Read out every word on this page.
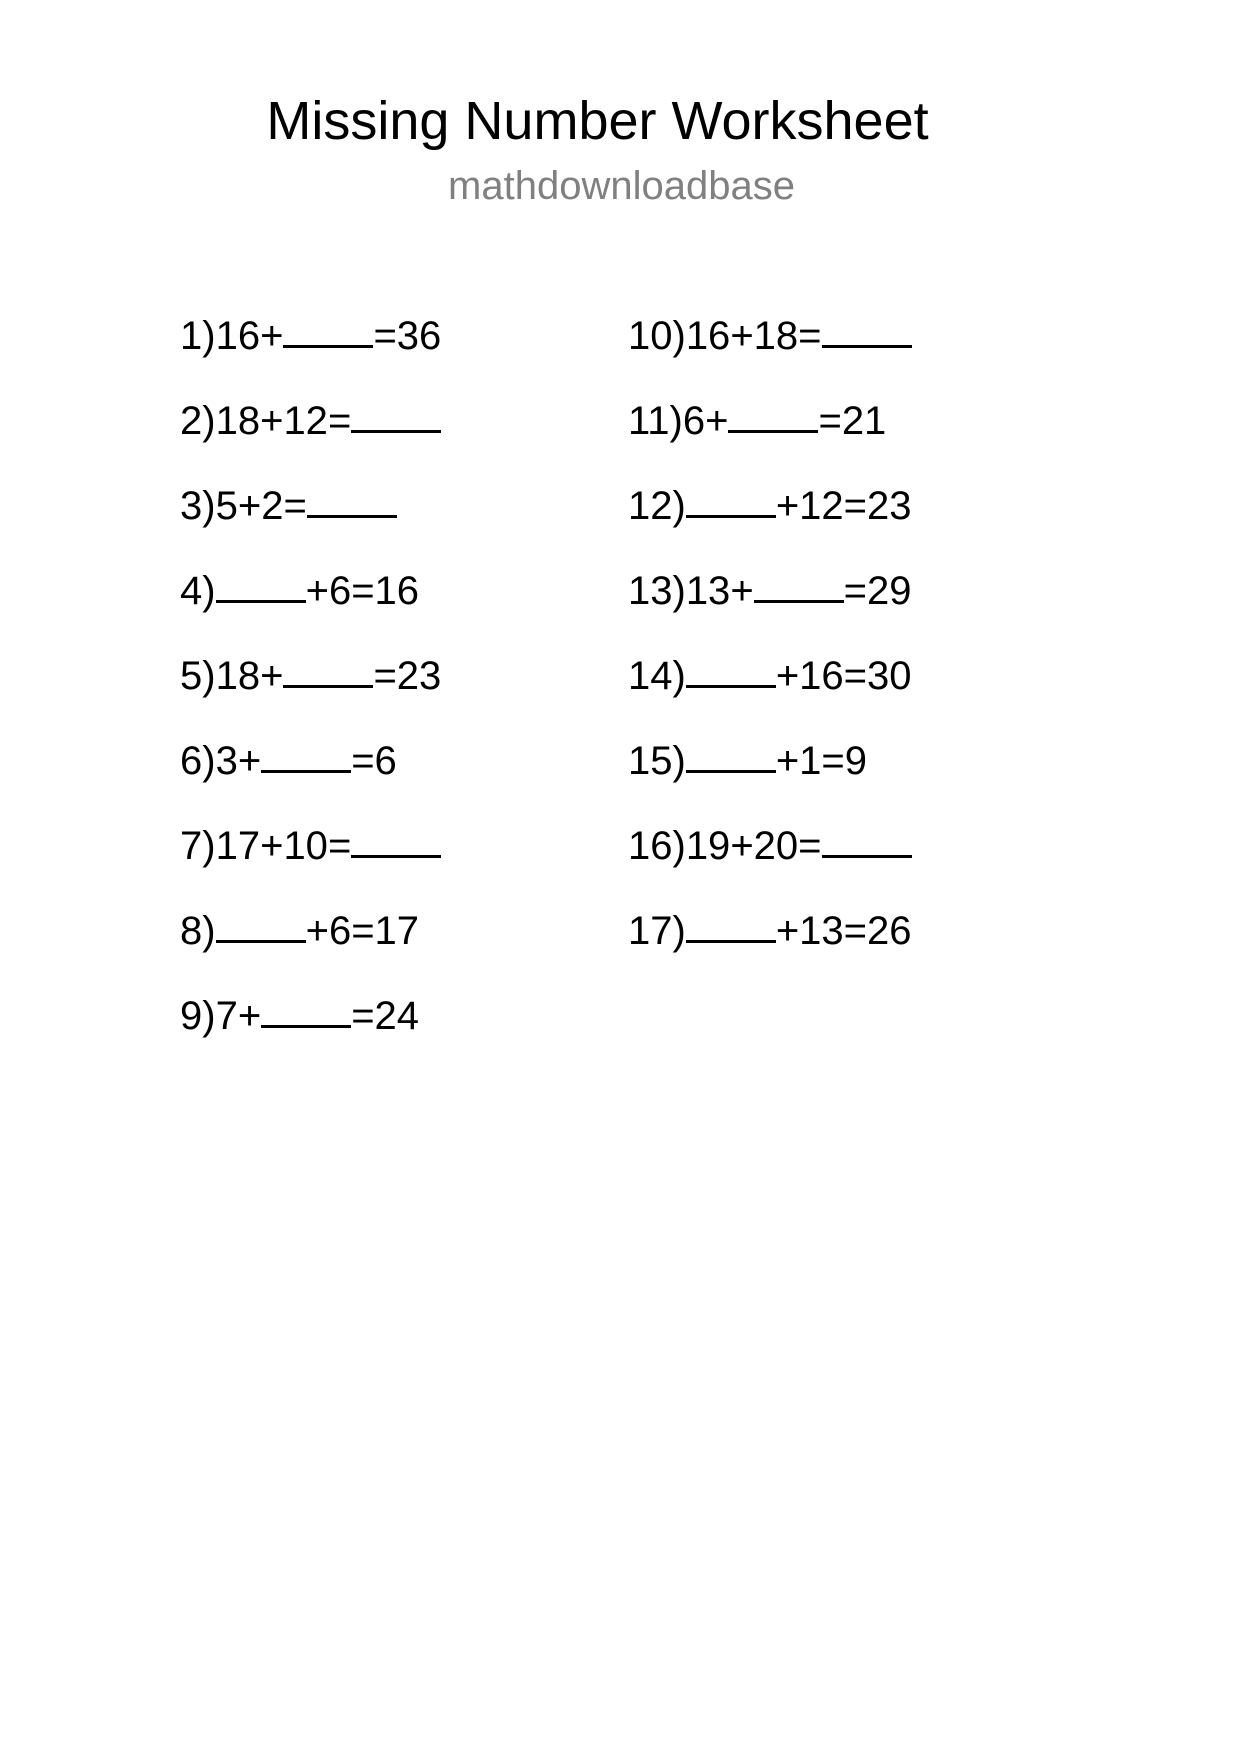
Missing Number Worksheet
mathdownloadbase
1) 16 + = 36
2) 18 + 12 =
3) 5 + 2 =
4) + 6 = 16
5) 18 + = 23
6) 3 + = 6
7) 17 + 10 =
8) + 6 = 17
9) 7 + = 24
10) 16 + 18 =
11) 6 + = 21
12) + 12 = 23
13) 13 + = 29
14) + 16 = 30
15) + 1 = 9
16) 19 + 20 =
17) + 13 = 26
